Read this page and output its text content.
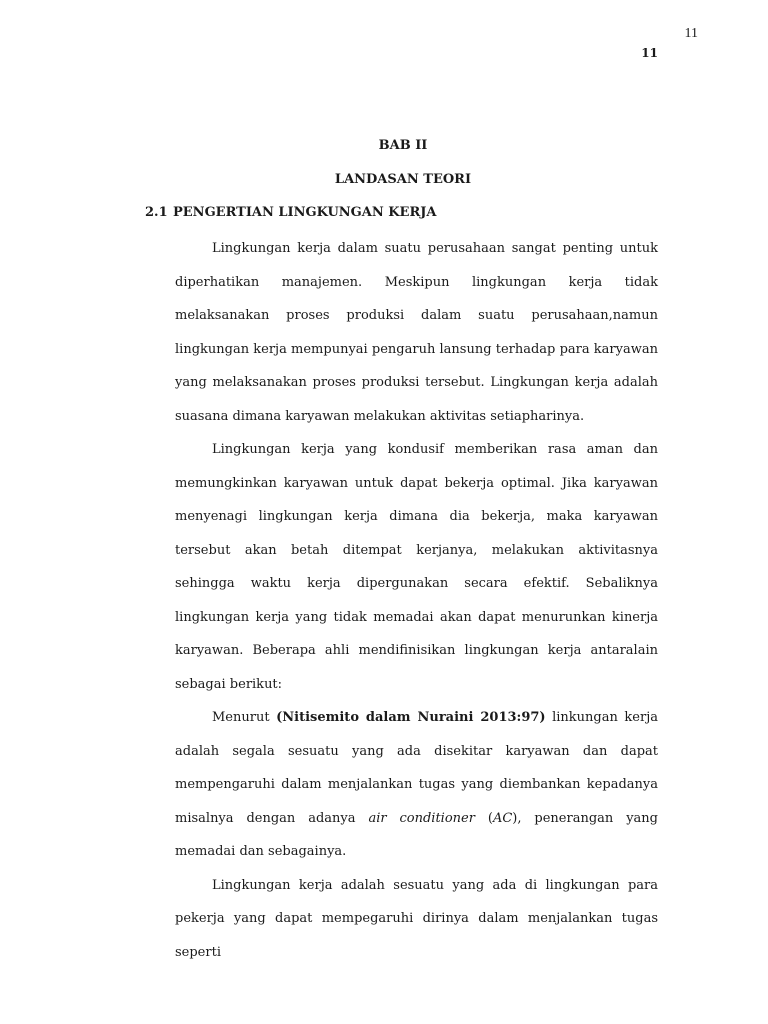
11
11
BAB II
LANDASAN TEORI
2.1 PENGERTIAN LINGKUNGAN KERJA

Lingkungan kerja dalam suatu perusahaan sangat penting untuk diperhatikan manajemen. Meskipun lingkungan kerja tidak melaksanakan proses produksi dalam suatu perusahaan,namun lingkungan kerja mempunyai pengaruh lansung terhadap para karyawan yang melaksanakan proses produksi tersebut. Lingkungan kerja adalah suasana dimana karyawan melakukan aktivitas setiapharinya.

Lingkungan kerja yang kondusif memberikan rasa aman dan memungkinkan karyawan untuk dapat bekerja optimal. Jika karyawan menyenagi lingkungan kerja dimana dia bekerja, maka karyawan tersebut akan betah ditempat kerjanya, melakukan aktivitasnya sehingga waktu kerja dipergunakan secara efektif. Sebaliknya lingkungan kerja yang tidak memadai akan dapat menurunkan kinerja karyawan. Beberapa ahli mendifinisikan lingkungan kerja antaralain sebagai berikut:

Menurut (Nitisemito dalam Nuraini 2013:97) linkungan kerja adalah segala sesuatu yang ada disekitar karyawan dan dapat mempengaruhi dalam menjalankan tugas yang diembankan kepadanya misalnya dengan adanya air conditioner (AC), penerangan yang memadai dan sebagainya.

Lingkungan kerja adalah sesuatu yang ada di lingkungan para pekerja yang dapat mempegaruhi dirinya dalam menjalankan tugas seperti
